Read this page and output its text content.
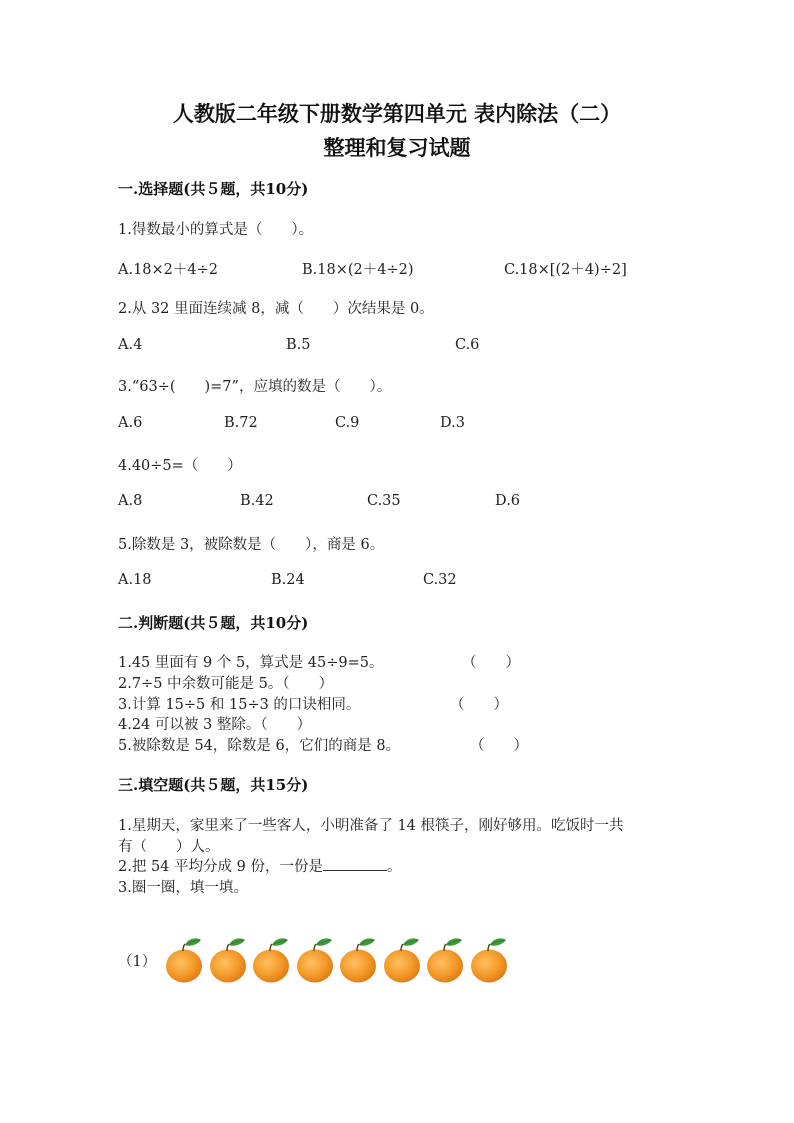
人教版二年级下册数学第四单元 表内除法（二）
整理和复习试题
一.选择题(共５题，共10分)
1.得数最小的算式是（　　）。
A.18×2＋4÷2	B.18×(2＋4÷2)	C.18×[(2＋4)÷2]
2.从 32 里面连续减 8，减（　　）次结果是 0。
A.4	B.5	C.6
3.“63÷(　　)=7”，应填的数是（　　）。
A.6	B.72	C.9	D.3
4.40÷5=（　　）
A.8	B.42	C.35	D.6
5.除数是 3，被除数是（　　），商是 6。
A.18	B.24	C.32
二.判断题(共５题，共10分)
1.45 里面有 9 个 5，算式是 45÷9=5。	（　　）
2.7÷5 中余数可能是 5。（　　）
3.计算 15÷5 和 15÷3 的口诀相同。	（　　）
4.24 可以被 3 整除。（　　）
5.被除数是 54，除数是 6，它们的商是 8。	（　　）
三.填空题(共５题，共15分)
1.星期天，家里来了一些客人，小明准备了 14 根筷子，刚好够用。吃饭时一共
有（　　）人。
2.把 54 平均分成 9 份，一份是	。
3.圈一圈，填一填。
（1）
